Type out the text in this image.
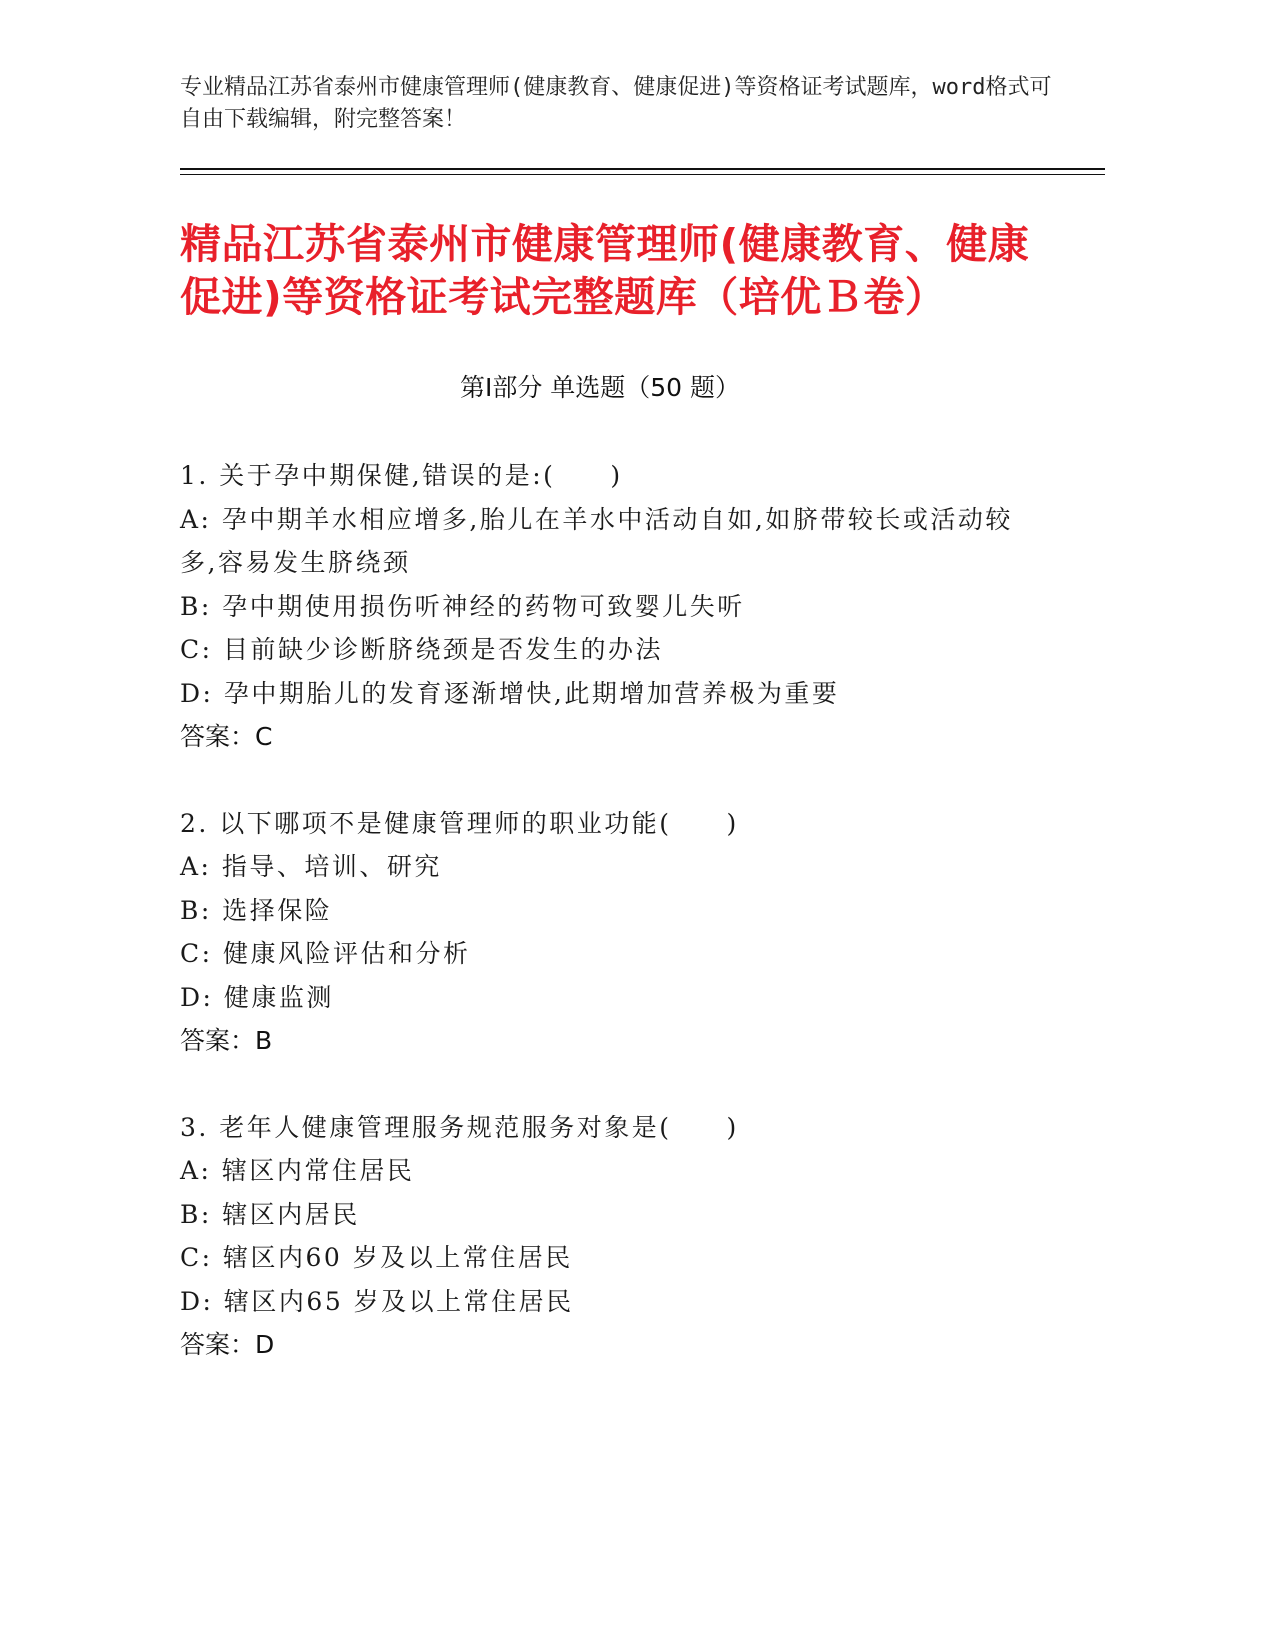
专业精品江苏省泰州市健康管理师(健康教育、健康促进)等资格证考试题库，word格式可自由下载编辑，附完整答案！
精品江苏省泰州市健康管理师(健康教育、健康促进)等资格证考试完整题库（培优Ｂ卷）
第Ⅰ部分 单选题（50 题）
1. 关于孕中期保健,错误的是:(　　)
A: 孕中期羊水相应增多,胎儿在羊水中活动自如,如脐带较长或活动较多,容易发生脐绕颈
B: 孕中期使用损伤听神经的药物可致婴儿失听
C: 目前缺少诊断脐绕颈是否发生的办法
D: 孕中期胎儿的发育逐渐增快,此期增加营养极为重要
答案：C
2. 以下哪项不是健康管理师的职业功能(　　)
A: 指导、培训、研究
B: 选择保险
C: 健康风险评估和分析
D: 健康监测
答案：B
3. 老年人健康管理服务规范服务对象是(　　)
A: 辖区内常住居民
B: 辖区内居民
C: 辖区内60 岁及以上常住居民
D: 辖区内65 岁及以上常住居民
答案：D
